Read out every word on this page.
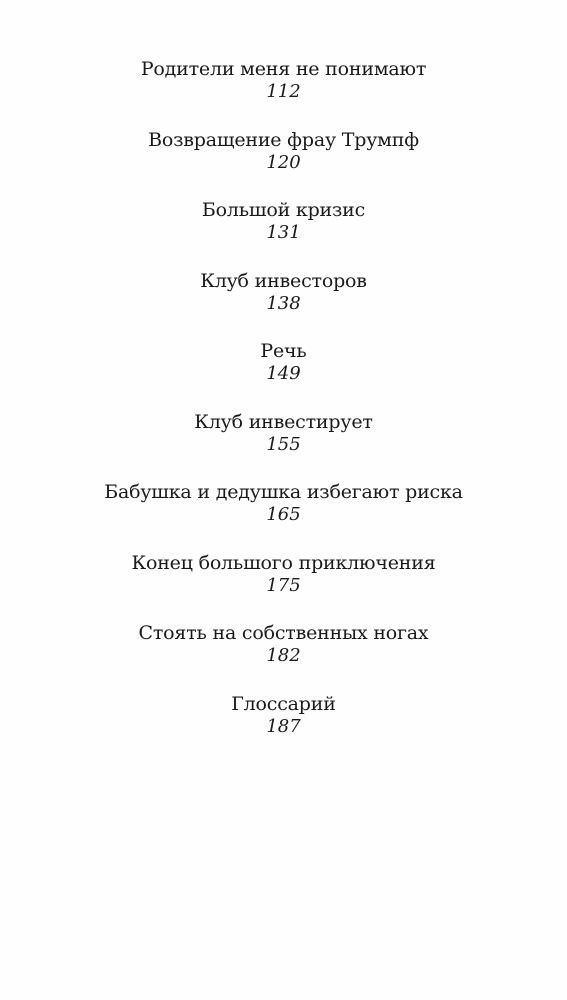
Родители меня не понимают
112
Возвращение фрау Трумпф
120
Большой кризис
131
Клуб инвесторов
138
Речь
149
Клуб инвестирует
155
Бабушка и дедушка избегают риска
165
Конец большого приключения
175
Стоять на собственных ногах
182
Глоссарий
187
